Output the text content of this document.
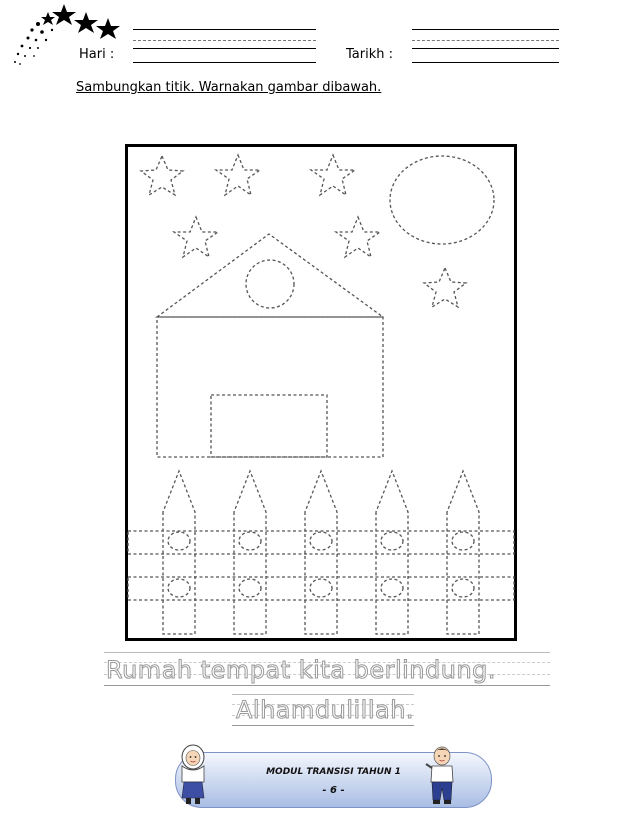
Hari :	Tarikh :
Sambungkan titik. Warnakan gambar dibawah.
Rumah tempat kita berlindung.
Alhamdulillah.
MODUL TRANSISI TAHUN 1
- 6 -
